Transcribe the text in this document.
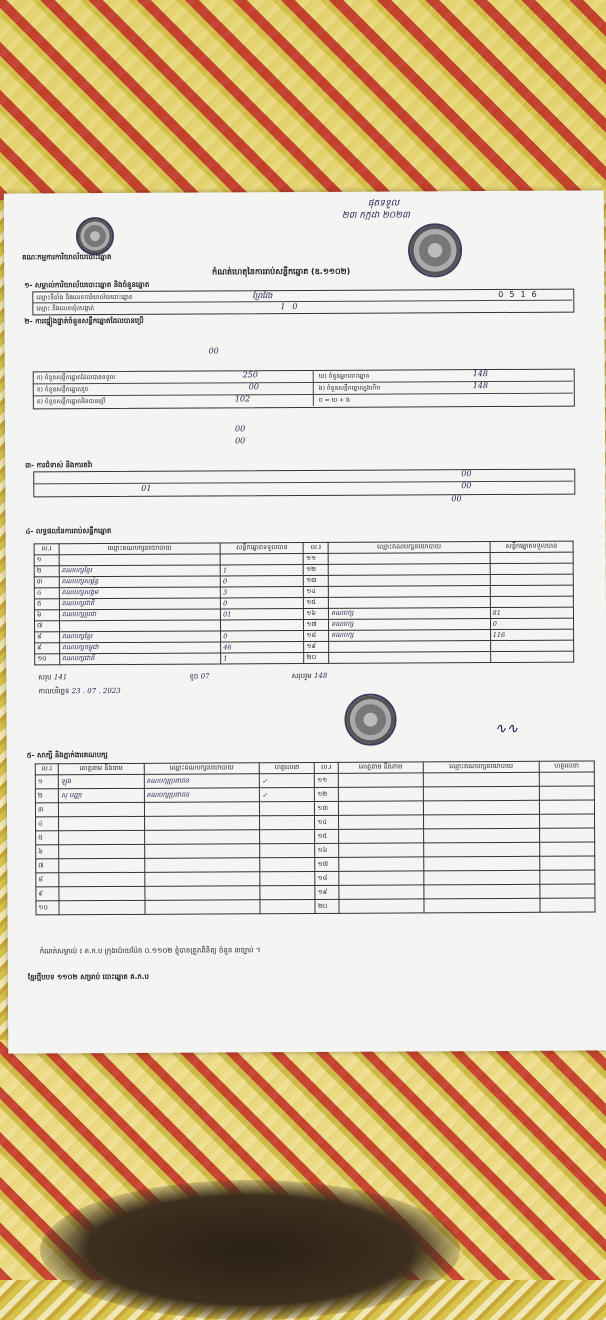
គណៈកម្មការការិយាល័យបោះឆ្នោត
ផុតទទួល
២៣ កក្កដា ២០២៣
កំណត់ហេតុនៃការរាប់សន្លឹកឆ្នោត (ឧ.១១០២)
១- សម្គាល់ការិយាល័យបោះឆ្នោត និងចំនួនឆ្នោត
ឈ្មោះទីតាំង និងលេខការិយាល័យបោះឆ្នោត	ព្រៃវែង
ឈ្មោះ និងលេខឃុំ/សង្កាត់	1 0
0516
២- ការផ្ទៀងផ្ទាត់ចំនួនសន្លឹកឆ្នោតដែលបានប្រើ
00
ក) ចំនួនសន្លឹកឆ្នោតដែលបានទទួល	250	ឃ) ចំនួនអ្នកបោះឆ្នោត	148
ខ) ចំនួនសន្លឹកឆ្នោតខូច	00	ង) ចំនួនសន្លឹកឆ្នោតក្នុងហិប	148
គ) ចំនួនសន្លឹកឆ្នោតមិនបានប្រើ	102	ច = ឃ + ង
00
00
៣- ការជំទាស់ និងការតវ៉ា
00
00
01
00
៤- លទ្ធផលនៃការរាប់សន្លឹកឆ្នោត
ល.រ	ឈ្មោះគណបក្សនយោបាយ	សន្លឹកឆ្នោតទទួលបាន	ល.រ	ឈ្មោះគណបក្សនយោបាយ	សន្លឹកឆ្នោតទទួលបាន
១			១១		
២	គណបក្សខ្មែរ	1	១២		
៣	គណបក្សសម្ព័ន្ធ	0	១៣		
៤	គណបក្សសង្គម	3	១៤		
៥	គណបក្សជាតិ	0	១៥		
៦	គណបក្សប្រជា	01	១៦	គណបក្ស	81
៧			១៧	គណបក្ស	0
៨	គណបក្សខ្មែរ	0	១៨	គណបក្ស	116
៩	គណបក្សកម្ពុជា	46	១៩		
១០	គណបក្សជាតិ	1	២០		
សរុប 141	ខូច 07	សរុបរួម 148
កាលបរិច្ឆេទ 23 . 07 . 2023
∿∿
៥- សាក្សី និងភ្នាក់ងារគណបក្ស
ល.រ	គោត្តនាម និងនាម	ឈ្មោះគណបក្សនយោបាយ	ហត្ថលេខា	ល.រ	គោត្តនាម និងនាម	ឈ្មោះគណបក្សនយោបាយ	ហត្ថលេខា
១	ឡុង	គណបក្សប្រជាជន	✓	១១			
២	សុ បញ្ញា	គណបក្សប្រជាជន	✓	១២			
៣				១៣			
៤				១៤			
៥				១៥			
៦				១៦			
៧				១៧			
៨				១៨			
៩				១៩			
១០				២០			
កំណត់សម្គាល់ ៖ គ.ក.ប ក្រុងប៉ោយប៉ែត ០.១១០២ ខ្ញុំបានត្រួតពិនិត្យ ចំនួន ៣ច្បាប់ ។
ខ្មែរថ្មីបបទ ១១០២ សម្រាប់ បោះឆ្នោត គ.ក.ប
